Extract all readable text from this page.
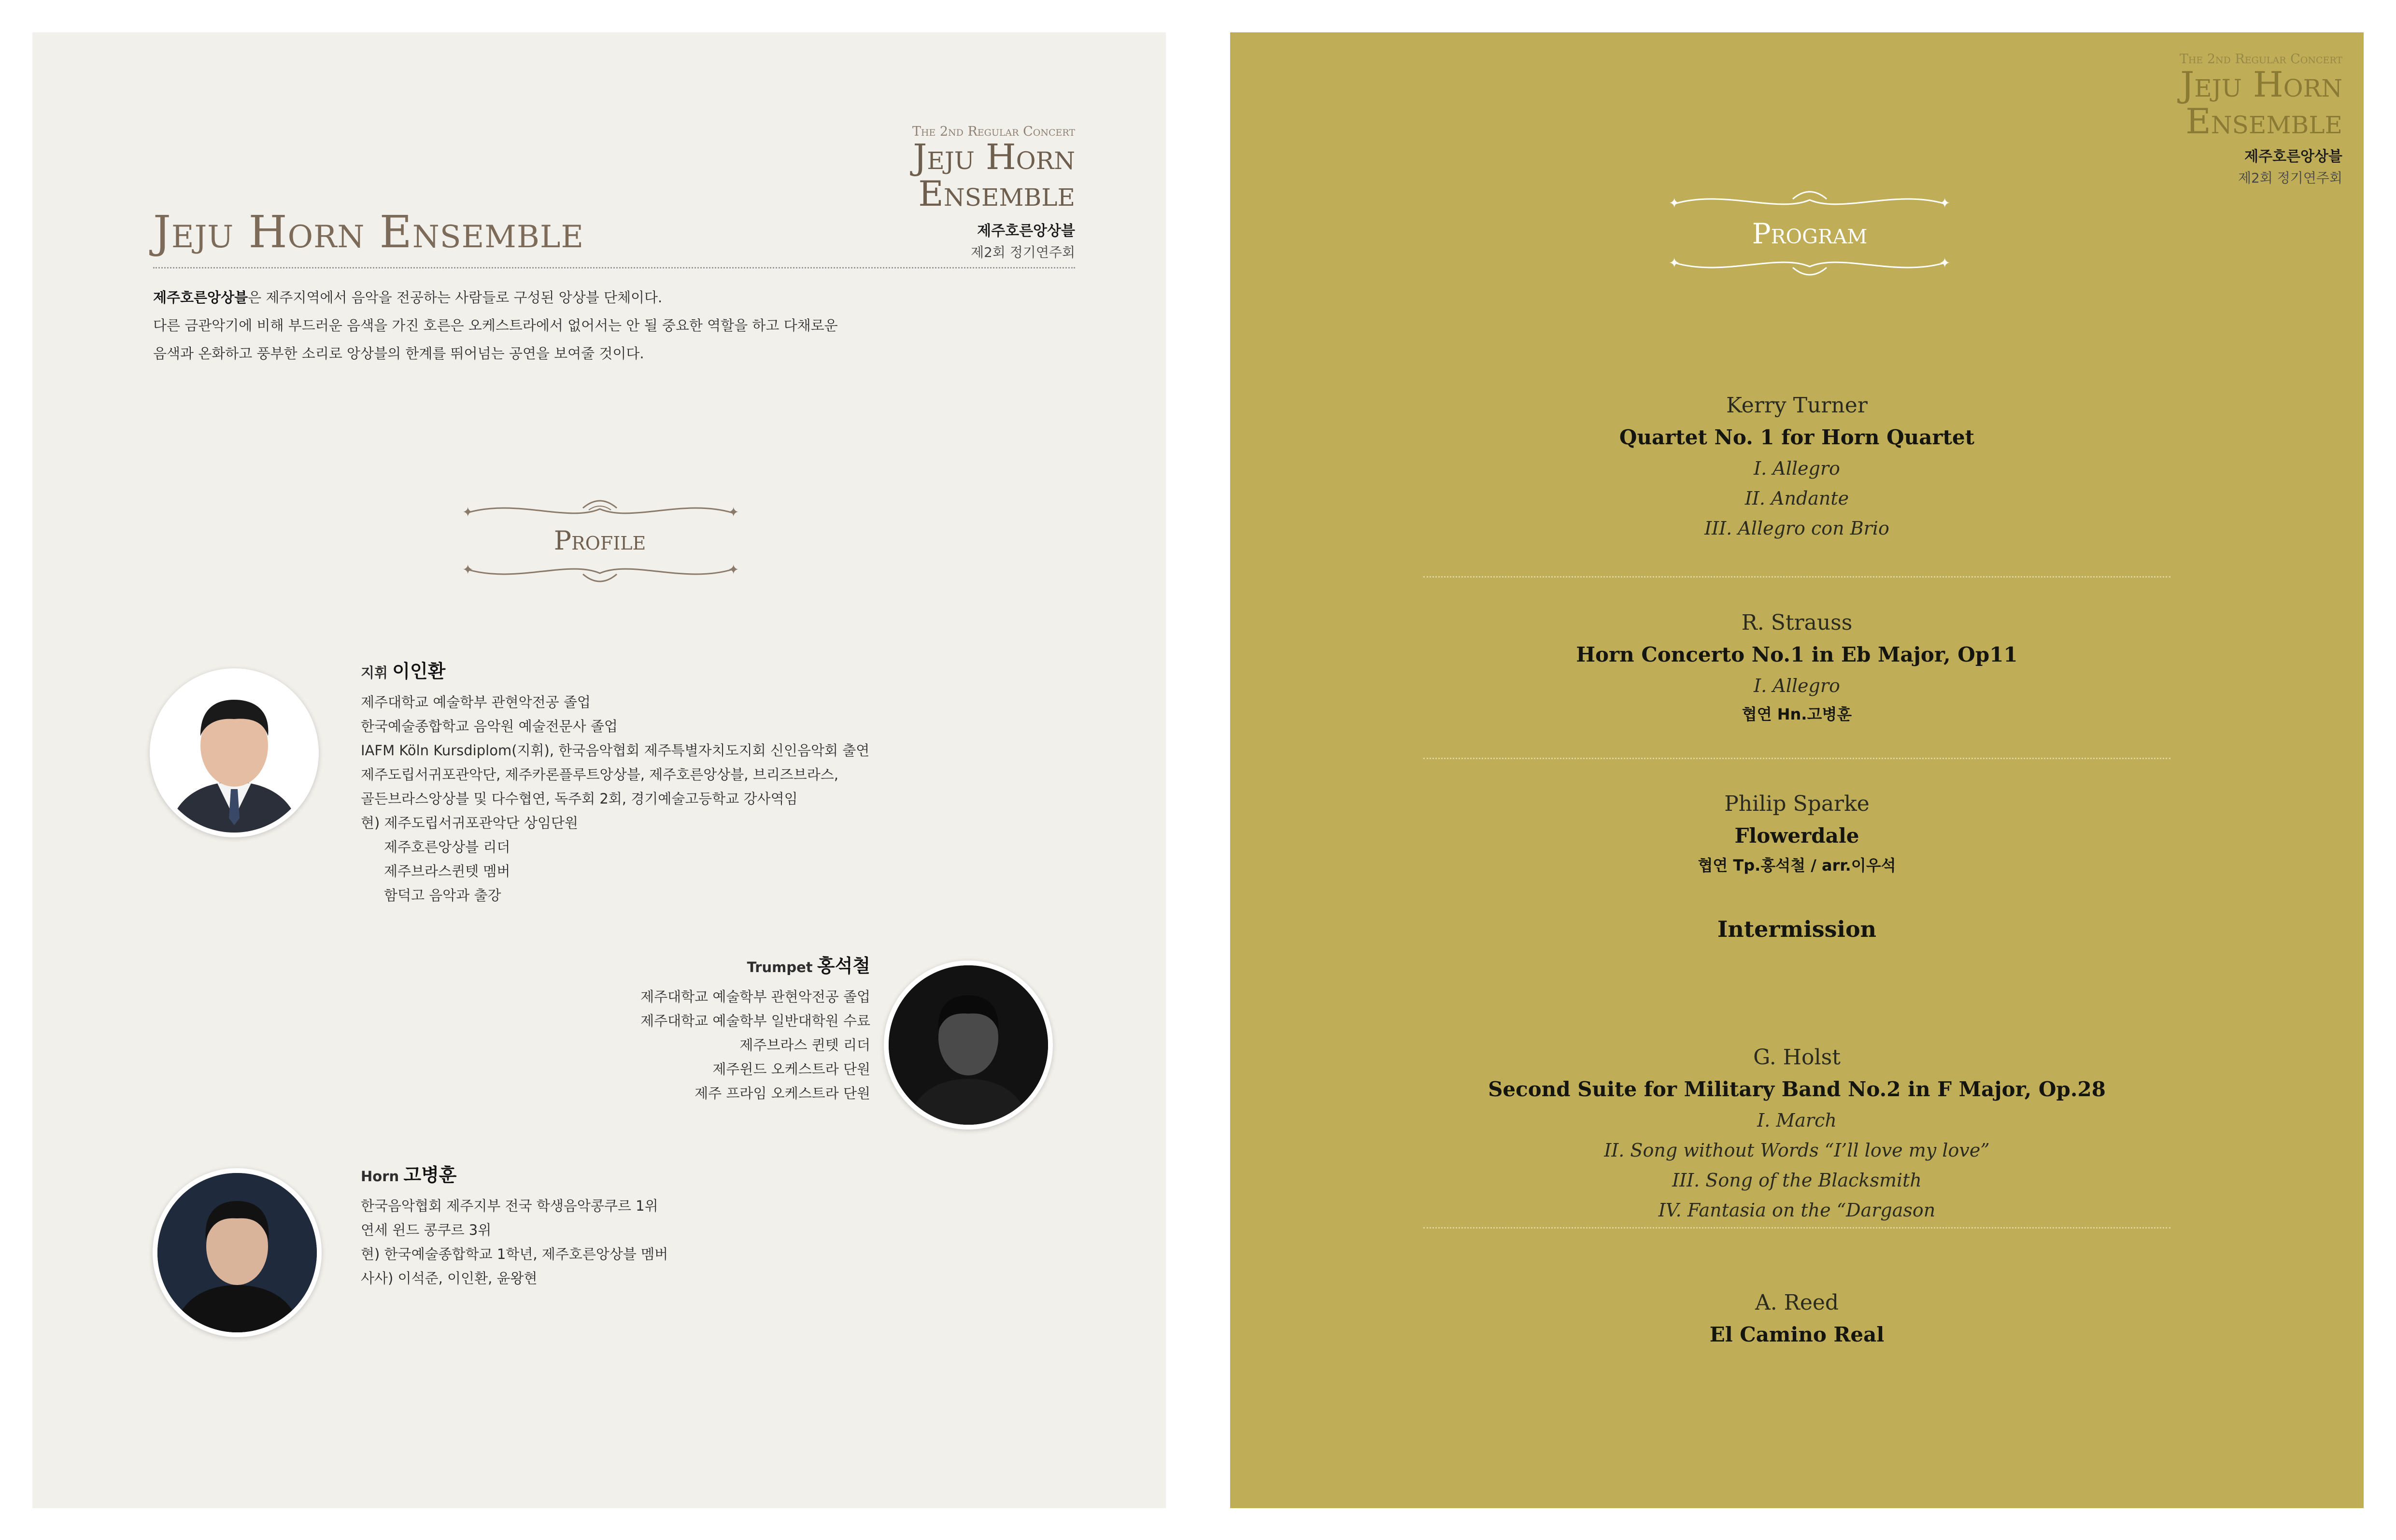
The 2nd Regular Concert
Jeju Horn
Ensemble
제주호른앙상블
제2회 정기연주회
Jeju Horn Ensemble
제주호른앙상블은 제주지역에서 음악을 전공하는 사람들로 구성된 앙상블 단체이다.
다른 금관악기에 비해 부드러운 음색을 가진 호른은 오케스트라에서 없어서는 안 될 중요한 역할을 하고 다채로운
음색과 온화하고 풍부한 소리로 앙상블의 한계를 뛰어넘는 공연을 보여줄 것이다.
✦	✦
Profile
✦	✦
지휘 이인환
제주대학교 예술학부 관현악전공 졸업
한국예술종합학교 음악원 예술전문사 졸업
IAFM Köln Kursdiplom(지휘), 한국음악협회 제주특별자치도지회 신인음악회 출연
제주도립서귀포관악단, 제주카론플루트앙상블, 제주호른앙상블, 브리즈브라스,
골든브라스앙상블 및 다수협연, 독주회 2회, 경기예술고등학교 강사역임
현) 제주도립서귀포관악단 상임단원
제주호른앙상블 리더
제주브라스퀸텟 멤버
함덕고 음악과 출강
Trumpet 홍석철
제주대학교 예술학부 관현악전공 졸업
제주대학교 예술학부 일반대학원 수료
제주브라스 퀸텟 리더
제주윈드 오케스트라 단원
제주 프라임 오케스트라 단원
Horn 고병훈
한국음악협회 제주지부 전국 학생음악콩쿠르 1위
연세 윈드 콩쿠르 3위
현) 한국예술종합학교 1학년, 제주호른앙상블 멤버
사사) 이석준, 이인환, 윤왕현
The 2nd Regular Concert
Jeju Horn
Ensemble
제주호른앙상블
제2회 정기연주회
✦	✦
Program
✦	✦
Kerry Turner
Quartet No. 1 for Horn Quartet
I. Allegro
II. Andante
III. Allegro con Brio
R. Strauss
Horn Concerto No.1 in Eb Major, Op11
I. Allegro
협연 Hn.고병훈
Philip Sparke
Flowerdale
협연 Tp.홍석철 / arr.이우석
Intermission
G. Holst
Second Suite for Military Band No.2 in F Major, Op.28
I. March
II. Song without Words “I’ll love my love”
III. Song of the Blacksmith
IV. Fantasia on the “Dargason
A. Reed
El Camino Real
